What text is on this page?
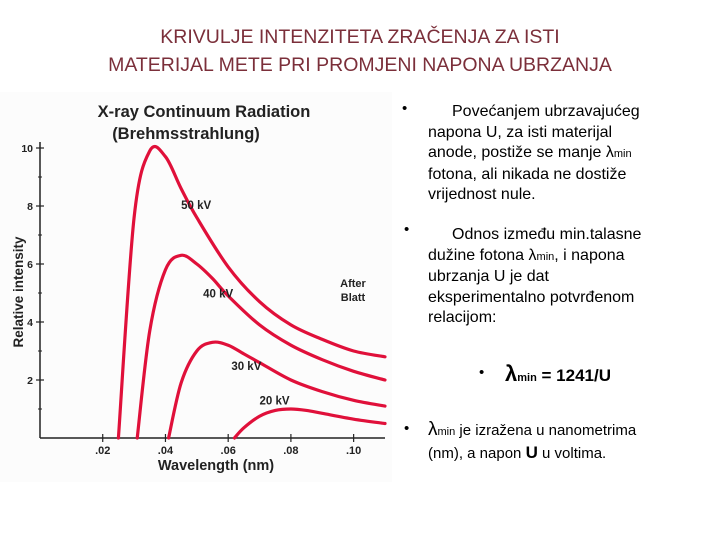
KRIVULJE INTENZITETA ZRAČENJA ZA ISTI
MATERIJAL METE PRI PROMJENI NAPONA UBRZANJA
X-ray Continuum Radiation
(Brehmsstrahlung)
Relative intensity
Wavelength (nm)
After
Blatt
2
4
6
8
10
.02	.04	.06	.08	.10
50 kV
40 kV
30 kV
20 kV
•	Povećanjem ubrzavajućeg
napona U, za isti materijal
anode, postiže se manje λmin
fotona, ali nikada ne dostiže
vrijednost nule.
•	Odnos između min.talasne
dužine fotona λmin, i napona
ubrzanja U je dat
eksperimentalno potvrđenom
relacijom:
• λmin = 1241/U
• λmin je izražena u nanometrima
(nm), a napon U u voltima.
